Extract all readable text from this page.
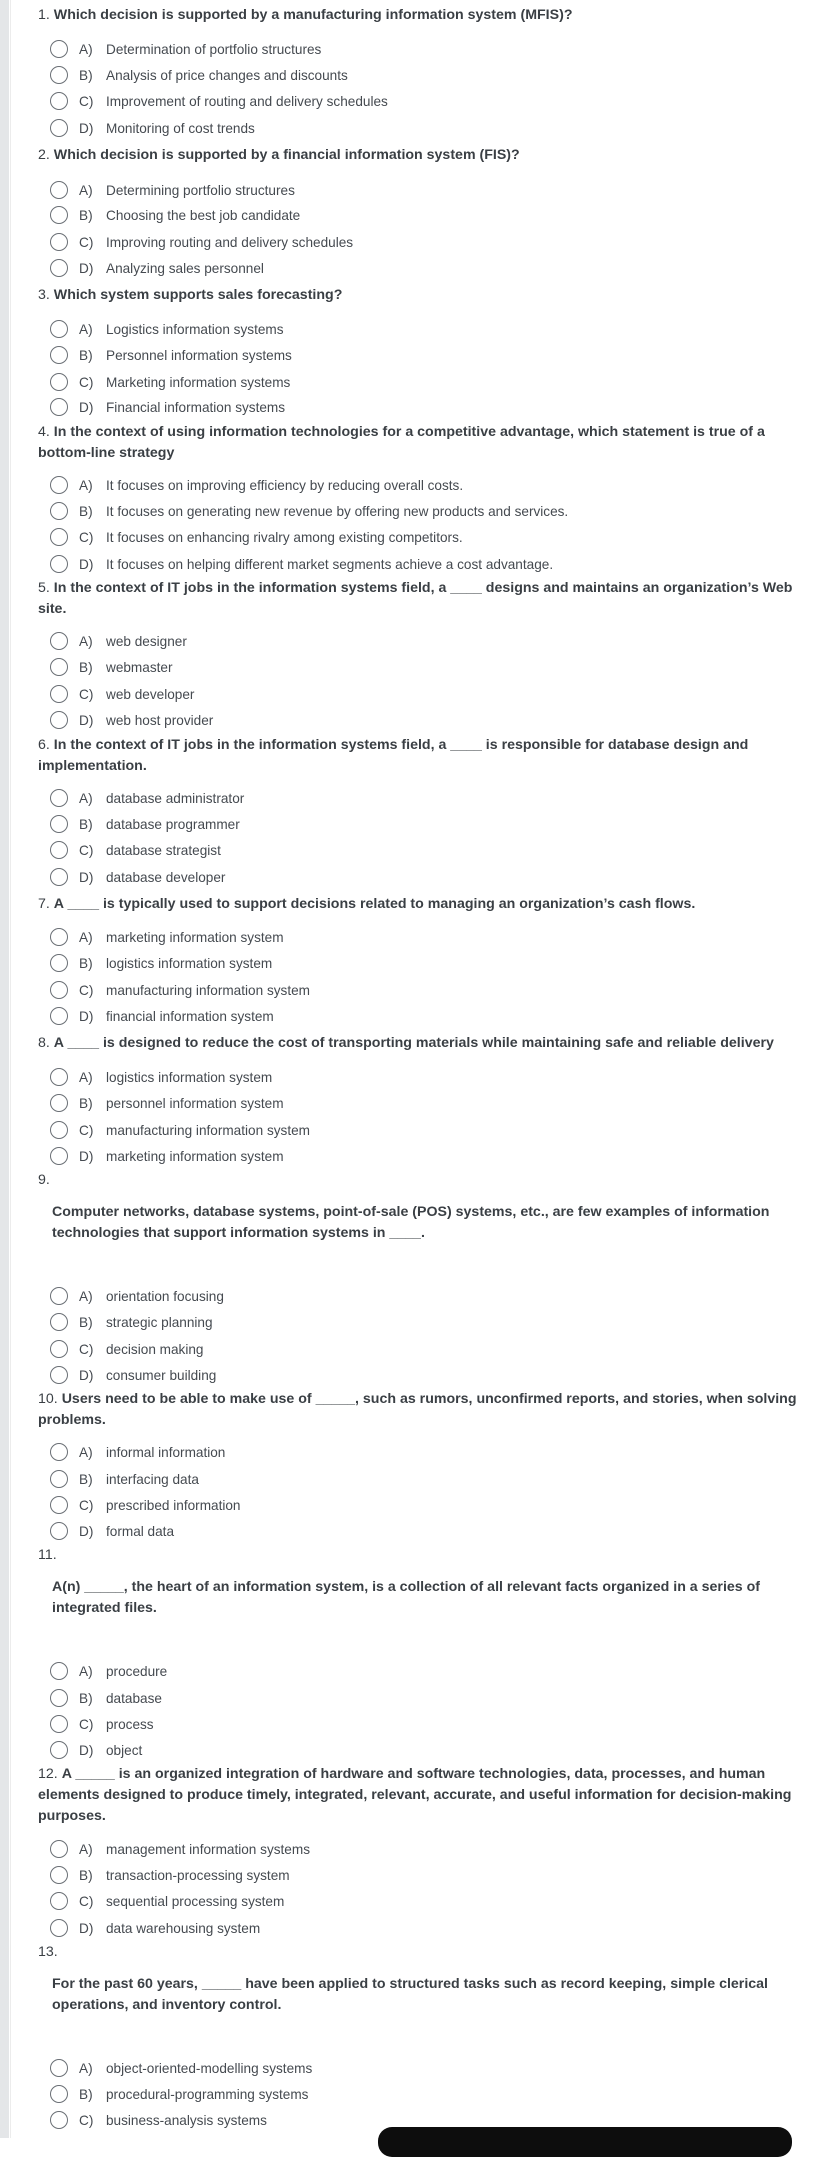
1. Which decision is supported by a manufacturing information system (MFIS)?
A) Determination of portfolio structures
B) Analysis of price changes and discounts
C) Improvement of routing and delivery schedules
D) Monitoring of cost trends
2. Which decision is supported by a financial information system (FIS)?
A) Determining portfolio structures
B) Choosing the best job candidate
C) Improving routing and delivery schedules
D) Analyzing sales personnel
3. Which system supports sales forecasting?
A) Logistics information systems
B) Personnel information systems
C) Marketing information systems
D) Financial information systems
4. In the context of using information technologies for a competitive advantage, which statement is true of a
bottom-line strategy
A) It focuses on improving efficiency by reducing overall costs.
B) It focuses on generating new revenue by offering new products and services.
C) It focuses on enhancing rivalry among existing competitors.
D) It focuses on helping different market segments achieve a cost advantage.
5. In the context of IT jobs in the information systems field, a ____ designs and maintains an organization’s Web
site.
A) web designer
B) webmaster
C) web developer
D) web host provider
6. In the context of IT jobs in the information systems field, a ____ is responsible for database design and
implementation.
A) database administrator
B) database programmer
C) database strategist
D) database developer
7. A ____ is typically used to support decisions related to managing an organization’s cash flows.
A) marketing information system
B) logistics information system
C) manufacturing information system
D) financial information system
8. A ____ is designed to reduce the cost of transporting materials while maintaining safe and reliable delivery
A) logistics information system
B) personnel information system
C) manufacturing information system
D) marketing information system
9.
Computer networks, database systems, point-of-sale (POS) systems, etc., are few examples of information
technologies that support information systems in ____.
A) orientation focusing
B) strategic planning
C) decision making
D) consumer building
10. Users need to be able to make use of _____, such as rumors, unconfirmed reports, and stories, when solving
problems.
A) informal information
B) interfacing data
C) prescribed information
D) formal data
11.
A(n) _____, the heart of an information system, is a collection of all relevant facts organized in a series of
integrated files.
A) procedure
B) database
C) process
D) object
12. A _____ is an organized integration of hardware and software technologies, data, processes, and human
elements designed to produce timely, integrated, relevant, accurate, and useful information for decision-making
purposes.
A) management information systems
B) transaction-processing system
C) sequential processing system
D) data warehousing system
13.
For the past 60 years, _____ have been applied to structured tasks such as record keeping, simple clerical
operations, and inventory control.
A) object-oriented-modelling systems
B) procedural-programming systems
C) business-analysis systems
